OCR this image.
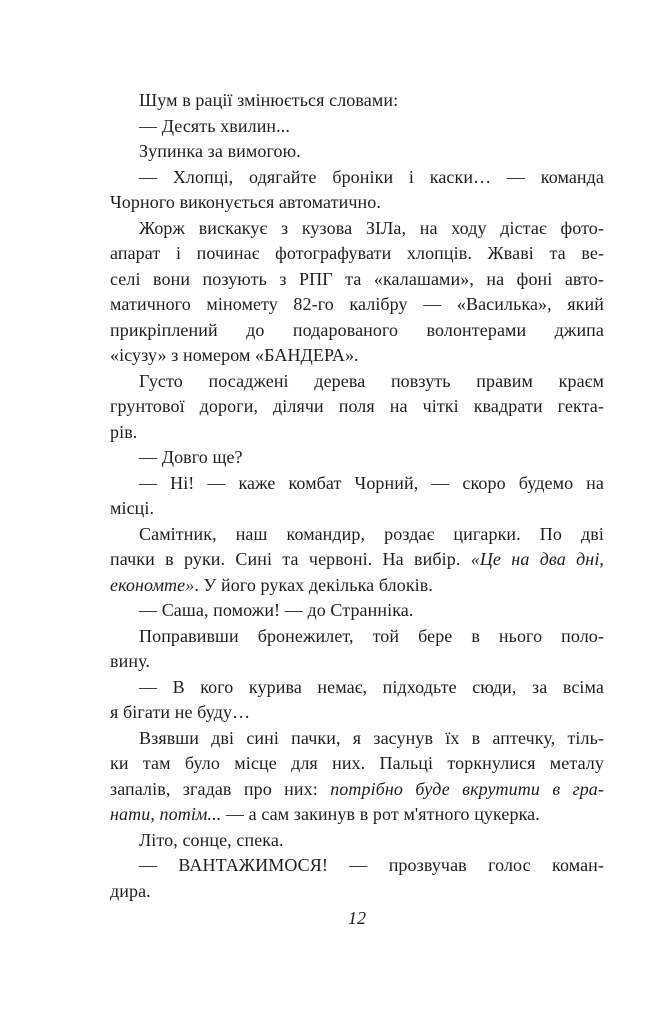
Шум в рації змінюється словами:
— Десять хвилин...
Зупинка за вимогою.
— Хлопці, одягайте броніки і каски… — команда
Чорного виконується автоматично.
Жорж вискакує з кузова ЗІЛа, на ходу дістає фото-
апарат і починає фотографувати хлопців. Жваві та ве-
селі вони позують з РПГ та «калашами», на фоні авто-
матичного міномету 82-го калібру — «Василька», який
прикріплений до подарованого волонтерами джипа
«ісузу» з номером «БАНДЕРА».
Густо посаджені дерева повзуть правим краєм
грунтової дороги, ділячи поля на чіткі квадрати гекта-
рів.
— Довго ще?
— Ні! — каже комбат Чорний, — скоро будемо на
місці.
Самітник, наш командир, роздає цигарки. По дві
пачки в руки. Сині та червоні. На вибір. «Це на два дні,
економте». У його руках декілька блоків.
— Саша, поможи! — до Странніка.
Поправивши бронежилет, той бере в нього поло-
вину.
— В кого курива немає, підходьте сюди, за всіма
я бігати не буду…
Взявши дві сині пачки, я засунув їх в аптечку, тіль-
ки там було місце для них. Пальці торкнулися металу
запалів, згадав про них: потрібно буде вкрутити в гра-
нати, потім... — а сам закинув в рот м'ятного цукерка.
Літо, сонце, спека.
— ВАНТАЖИМОСЯ! — прозвучав голос коман-
дира.
12
